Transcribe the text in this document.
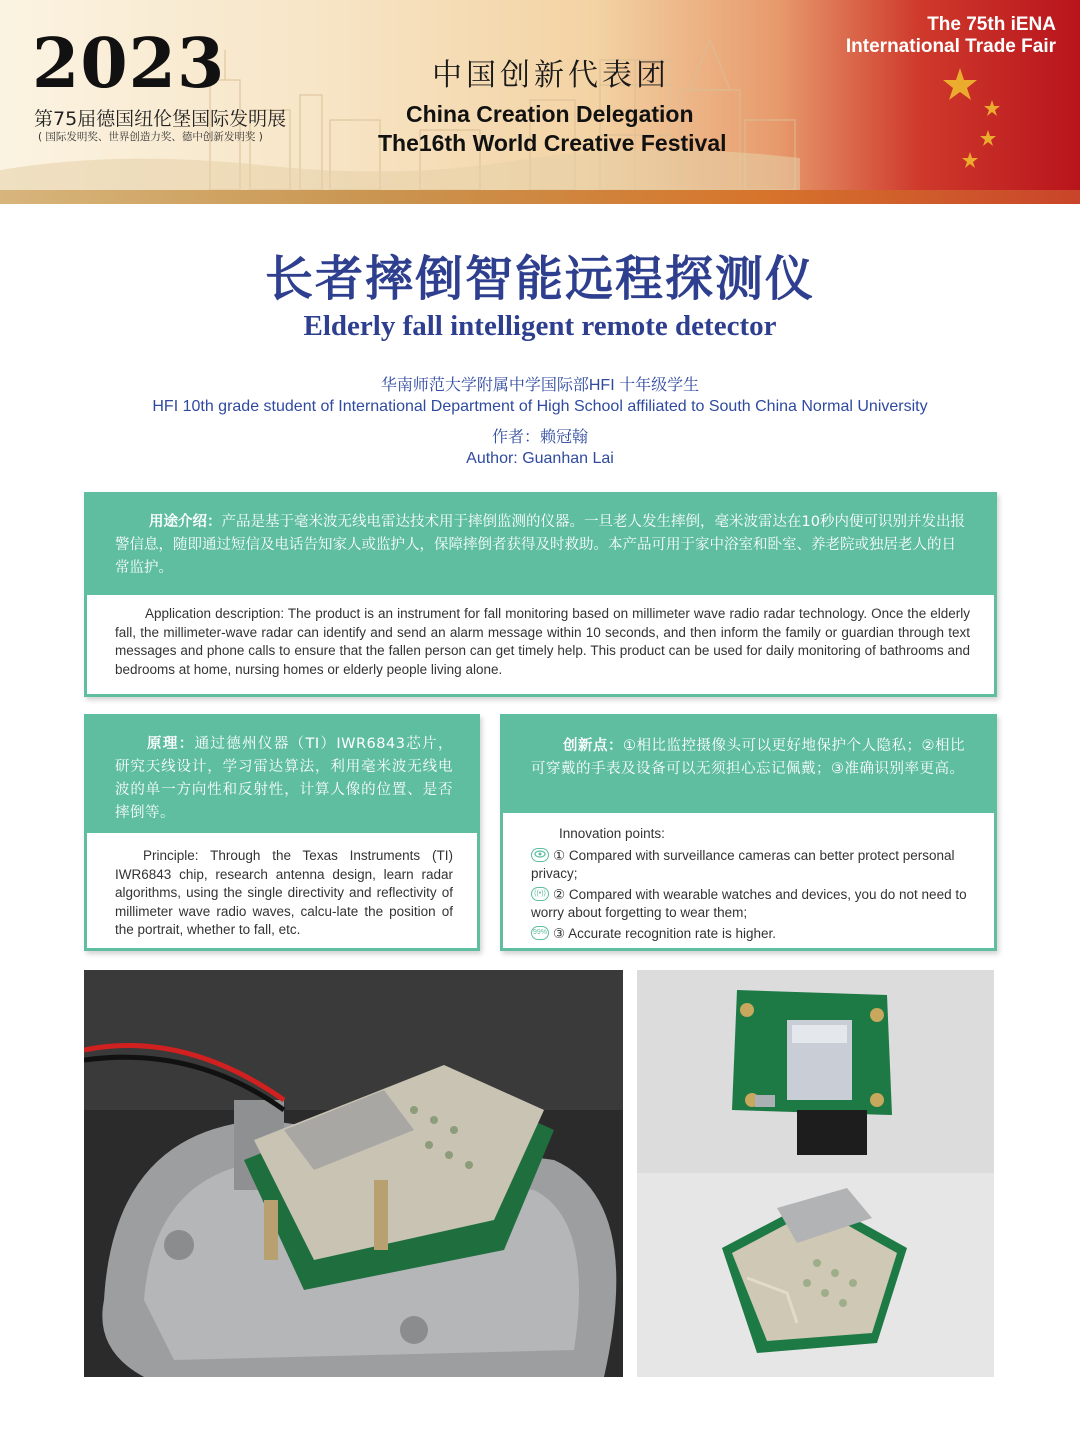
2023
第75届德国纽伦堡国际发明展
( 国际发明奖、世界创造力奖、德中创新发明奖 )
中国创新代表团
China Creation Delegation
The16th World Creative Festival
The 75th iENA
International Trade Fair
长者摔倒智能远程探测仪
Elderly fall intelligent remote detector
华南师范大学附属中学国际部HFI 十年级学生
HFI 10th grade student of International Department of High School affiliated to South China Normal University
作者：赖冠翰
Author: Guanhan Lai
用途介绍：产品是基于毫米波无线电雷达技术用于摔倒监测的仪器。一旦老人发生摔倒，毫米波雷达在10秒内便可识别并发出报警信息，随即通过短信及电话告知家人或监护人，保障摔倒者获得及时救助。本产品可用于家中浴室和卧室、养老院或独居老人的日常监护。
Application description: The product is an instrument for fall monitoring based on millimeter wave radio radar technology. Once the elderly fall, the millimeter-wave radar can identify and send an alarm message within 10 seconds, and then inform the family or guardian through text messages and phone calls to ensure that the fallen person can get timely help. This product can be used for daily monitoring of bathrooms and bedrooms at home, nursing homes or elderly people living alone.
原理：通过德州仪器（TI）IWR6843芯片，研究天线设计，学习雷达算法，利用毫米波无线电波的单一方向性和反射性，计算人像的位置、是否摔倒等。
Principle: Through the Texas Instruments (TI) IWR6843 chip, research antenna design, learn radar algorithms, using the single directivity and reflectivity of millimeter wave radio waves, calcu-late the position of the portrait, whether to fall, etc.
创新点：①相比监控摄像头可以更好地保护个人隐私；②相比可穿戴的手表及设备可以无须担心忘记佩戴；③准确识别率更高。
Innovation points:
① Compared with surveillance cameras can better protect personal privacy;
((•)) ② Compared with wearable watches and devices, you do not need to worry about forgetting to wear them;
99% ③ Accurate recognition rate is higher.
